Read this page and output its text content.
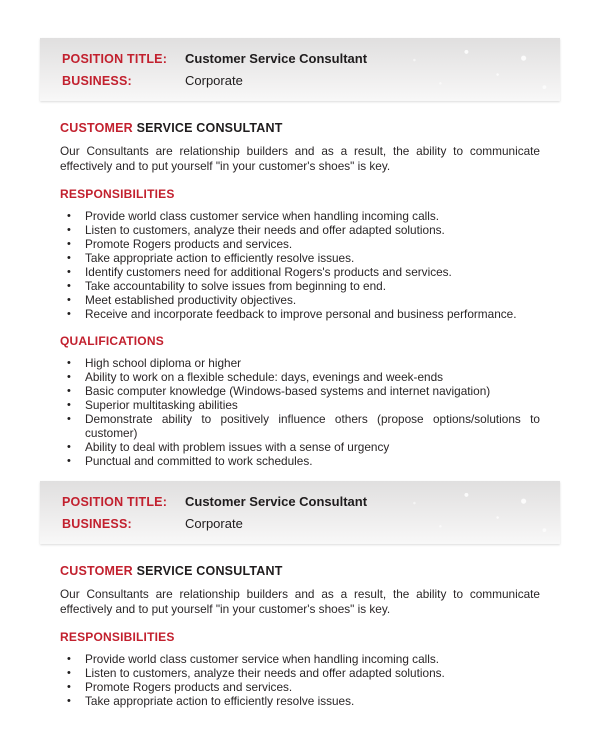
POSITION TITLE:	Customer Service Consultant
BUSINESS:	Corporate
CUSTOMER SERVICE CONSULTANT

Our Consultants are relationship builders and as a result, the ability to communicate effectively and to put yourself "in your customer's shoes" is key.

RESPONSIBILITIES
• Provide world class customer service when handling incoming calls.
• Listen to customers, analyze their needs and offer adapted solutions.
• Promote Rogers products and services.
• Take appropriate action to efficiently resolve issues.
• Identify customers need for additional Rogers's products and services.
• Take accountability to solve issues from beginning to end.
• Meet established productivity objectives.
• Receive and incorporate feedback to improve personal and business performance.
QUALIFICATIONS
• High school diploma or higher
• Ability to work on a flexible schedule: days, evenings and week-ends
• Basic computer knowledge (Windows-based systems and internet navigation)
• Superior multitasking abilities
• Demonstrate ability to positively influence others (propose options/solutions to customer)
• Ability to deal with problem issues with a sense of urgency
• Punctual and committed to work schedules.
POSITION TITLE:	Customer Service Consultant
BUSINESS:	Corporate
CUSTOMER SERVICE CONSULTANT

Our Consultants are relationship builders and as a result, the ability to communicate effectively and to put yourself "in your customer's shoes" is key.

RESPONSIBILITIES
• Provide world class customer service when handling incoming calls.
• Listen to customers, analyze their needs and offer adapted solutions.
• Promote Rogers products and services.
• Take appropriate action to efficiently resolve issues.
